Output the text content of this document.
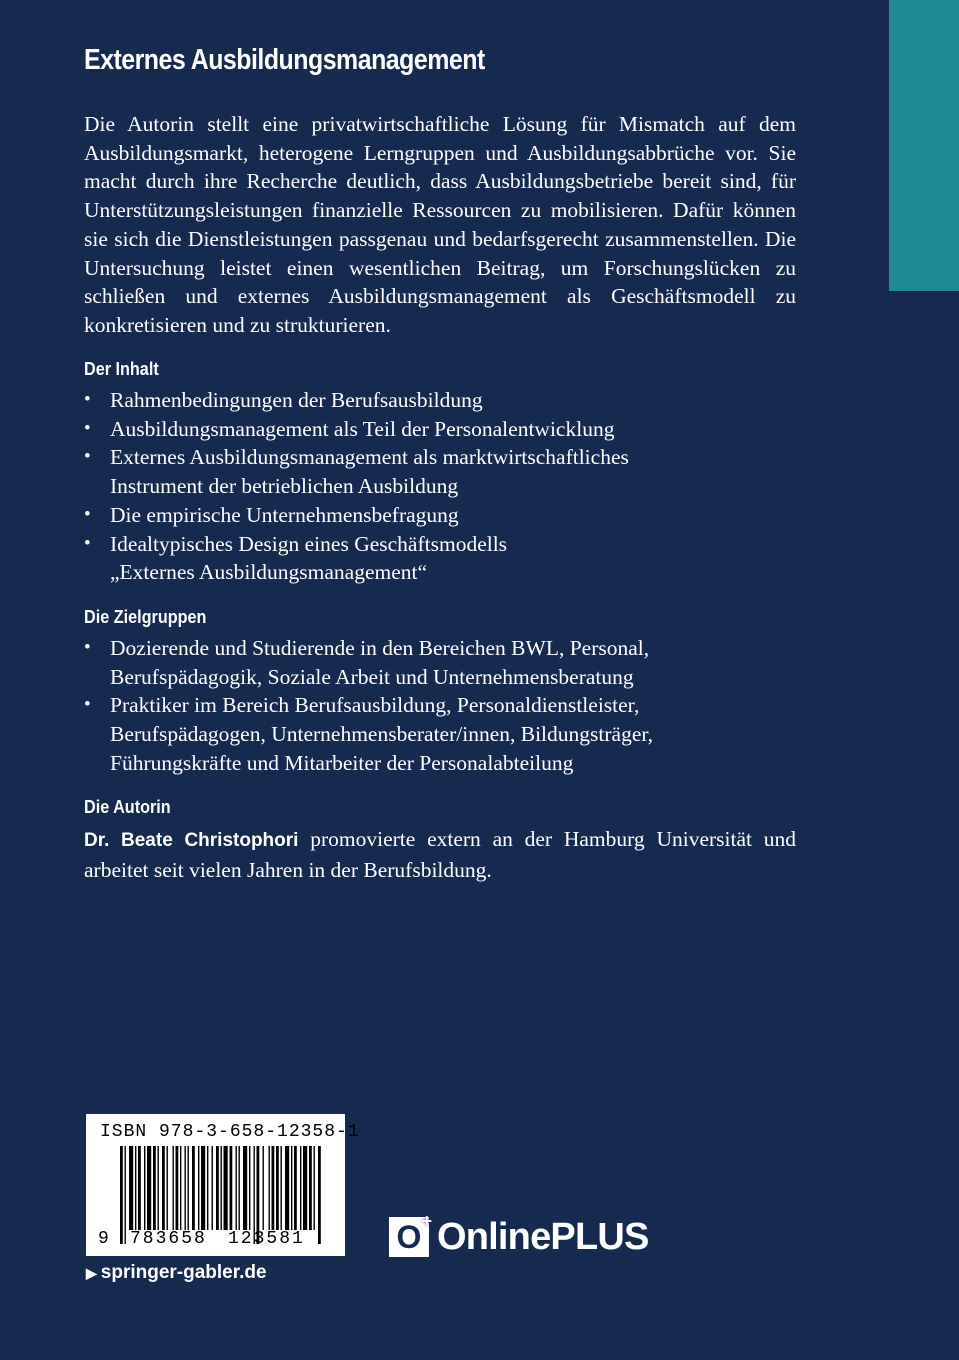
Externes Ausbildungsmanagement

Die Autorin stellt eine privatwirtschaftliche Lösung für Mismatch auf dem Ausbildungsmarkt, heterogene Lerngruppen und Ausbildungsabbrüche vor. Sie macht durch ihre Recherche deutlich, dass Ausbildungsbetriebe bereit sind, für Unterstützungsleistungen finanzielle Ressourcen zu mobilisieren. Dafür können sie sich die Dienstleistungen passgenau und bedarfsgerecht zusammenstellen. Die Untersuchung leistet einen wesentlichen Beitrag, um Forschungslücken zu schließen und externes Ausbildungsmanagement als Geschäftsmodell zu konkretisieren und zu strukturieren.

Der Inhalt
• Rahmenbedingungen der Berufsausbildung
• Ausbildungsmanagement als Teil der Personalentwicklung
• Externes Ausbildungsmanagement als marktwirtschaftliches Instrument der betrieblichen Ausbildung
• Die empirische Unternehmensbefragung
• Idealtypisches Design eines Geschäftsmodells „Externes Ausbildungsmanagement“
Die Zielgruppen
• Dozierende und Studierende in den Bereichen BWL, Personal, Berufspädagogik, Soziale Arbeit und Unternehmensberatung
• Praktiker im Bereich Berufsausbildung, Personaldienstleister, Berufspädagogen, Unternehmensberater/innen, Bildungsträger, Führungskräfte und Mitarbeiter der Personalabteilung
Die Autorin

Dr. Beate Christophori promovierte extern an der Hamburg Universität und arbeitet seit vielen Jahren in der Berufsbildung.

ISBN 978-3-658-12358-1
9 783658 123581
▶ springer-gabler.de
O + OnlinePLUS
